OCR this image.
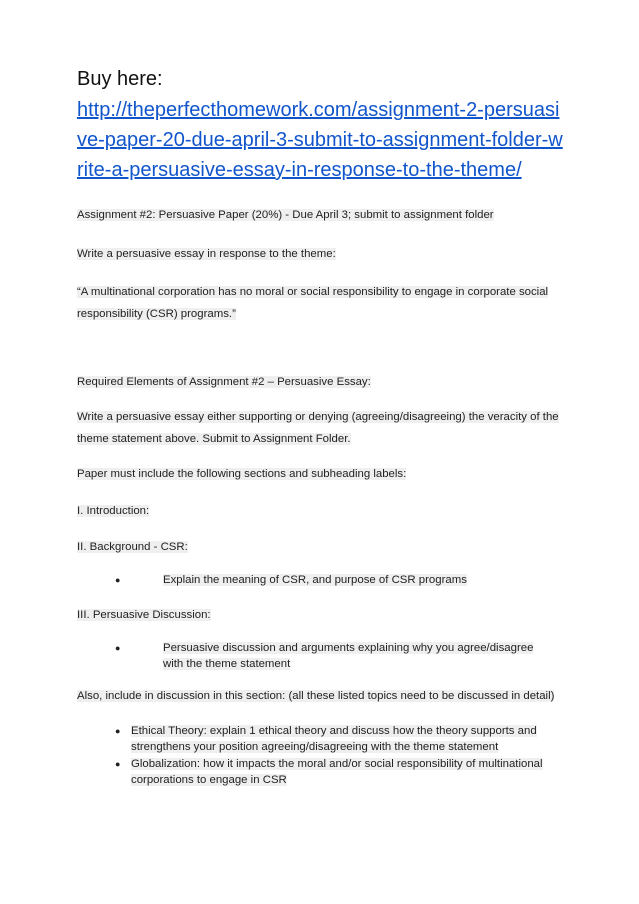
Buy here:
http://theperfecthomework.com/assignment-2-persuasive-paper-20-due-april-3-submit-to-assignment-folder-write-a-persuasive-essay-in-response-to-the-theme/
Assignment #2: Persuasive Paper (20%) - Due April 3; submit to assignment folder
Write a persuasive essay in response to the theme:
“A multinational corporation has no moral or social responsibility to engage in corporate social responsibility (CSR) programs.”
Required Elements of Assignment #2 – Persuasive Essay:
Write a persuasive essay either supporting or denying (agreeing/disagreeing) the veracity of the theme statement above. Submit to Assignment Folder.
Paper must include the following sections and subheading labels:
I. Introduction:
II. Background - CSR:
●	Explain the meaning of CSR, and purpose of CSR programs
III. Persuasive Discussion:
●	Persuasive discussion and arguments explaining why you agree/disagree with the theme statement
Also, include in discussion in this section: (all these listed topics need to be discussed in detail)
● Ethical Theory: explain 1 ethical theory and discuss how the theory supports and strengthens your position agreeing/disagreeing with the theme statement
● Globalization: how it impacts the moral and/or social responsibility of multinational corporations to engage in CSR
